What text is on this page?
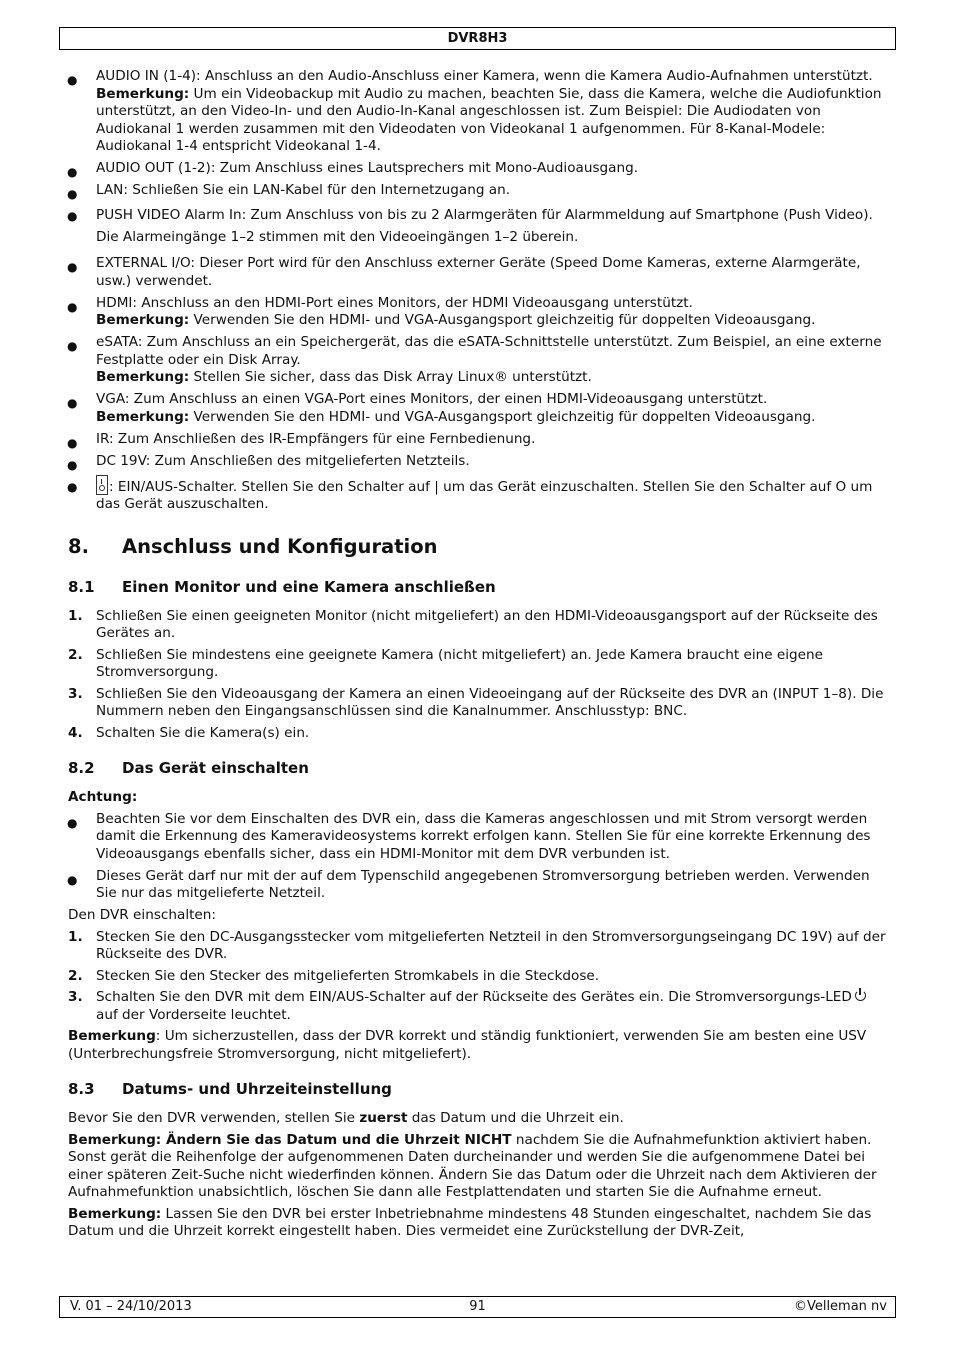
DVR8H3
● AUDIO IN (1-4): Anschluss an den Audio-Anschluss einer Kamera, wenn die Kamera Audio-Aufnahmen unterstützt.
Bemerkung: Um ein Videobackup mit Audio zu machen, beachten Sie, dass die Kamera, welche die Audiofunktion unterstützt, an den Video-In- und den Audio-In-Kanal angeschlossen ist. Zum Beispiel: Die Audiodaten von Audiokanal 1 werden zusammen mit den Videodaten von Videokanal 1 aufgenommen. Für 8-Kanal-Modele: Audiokanal 1-4 entspricht Videokanal 1-4.
● AUDIO OUT (1-2): Zum Anschluss eines Lautsprechers mit Mono-Audioausgang.
● LAN: Schließen Sie ein LAN-Kabel für den Internetzugang an.
● PUSH VIDEO Alarm In: Zum Anschluss von bis zu 2 Alarmgeräten für Alarmmeldung auf Smartphone (Push Video). Die Alarmeingänge 1–2 stimmen mit den Videoeingängen 1–2 überein.
● EXTERNAL I/O: Dieser Port wird für den Anschluss externer Geräte (Speed Dome Kameras, externe Alarmgeräte, usw.) verwendet.
● HDMI: Anschluss an den HDMI-Port eines Monitors, der HDMI Videoausgang unterstützt.
Bemerkung: Verwenden Sie den HDMI- und VGA-Ausgangsport gleichzeitig für doppelten Videoausgang.
● eSATA: Zum Anschluss an ein Speichergerät, das die eSATA-Schnittstelle unterstützt. Zum Beispiel, an eine externe Festplatte oder ein Disk Array.
Bemerkung: Stellen Sie sicher, dass das Disk Array Linux® unterstützt.
● VGA: Zum Anschluss an einen VGA-Port eines Monitors, der einen HDMI-Videoausgang unterstützt.
Bemerkung: Verwenden Sie den HDMI- und VGA-Ausgangsport gleichzeitig für doppelten Videoausgang.
● IR: Zum Anschließen des IR-Empfängers für eine Fernbedienung.
● DC 19V: Zum Anschließen des mitgelieferten Netzteils.
● : EIN/AUS-Schalter. Stellen Sie den Schalter auf | um das Gerät einzuschalten. Stellen Sie den Schalter auf O um das Gerät auszuschalten.
8. Anschluss und Konfiguration
8.1 Einen Monitor und eine Kamera anschließen
1. Schließen Sie einen geeigneten Monitor (nicht mitgeliefert) an den HDMI-Videoausgangsport auf der Rückseite des Gerätes an.
2. Schließen Sie mindestens eine geeignete Kamera (nicht mitgeliefert) an. Jede Kamera braucht eine eigene Stromversorgung.
3. Schließen Sie den Videoausgang der Kamera an einen Videoeingang auf der Rückseite des DVR an (INPUT 1–8). Die Nummern neben den Eingangsanschlüssen sind die Kanalnummer. Anschlusstyp: BNC.
4. Schalten Sie die Kamera(s) ein.
8.2 Das Gerät einschalten
Achtung:
● Beachten Sie vor dem Einschalten des DVR ein, dass die Kameras angeschlossen und mit Strom versorgt werden damit die Erkennung des Kameravideosystems korrekt erfolgen kann. Stellen Sie für eine korrekte Erkennung des Videoausgangs ebenfalls sicher, dass ein HDMI-Monitor mit dem DVR verbunden ist.
● Dieses Gerät darf nur mit der auf dem Typenschild angegebenen Stromversorgung betrieben werden. Verwenden Sie nur das mitgelieferte Netzteil.
Den DVR einschalten:
1. Stecken Sie den DC-Ausgangsstecker vom mitgelieferten Netzteil in den Stromversorgungseingang DC 19V) auf der Rückseite des DVR.
2. Stecken Sie den Stecker des mitgelieferten Stromkabels in die Steckdose.
3. Schalten Sie den DVR mit dem EIN/AUS-Schalter auf der Rückseite des Gerätes ein. Die Stromversorgungs-LEDauf der Vorderseite leuchtet.
Bemerkung: Um sicherzustellen, dass der DVR korrekt und ständig funktioniert, verwenden Sie am besten eine USV (Unterbrechungsfreie Stromversorgung, nicht mitgeliefert).
8.3 Datums- und Uhrzeiteinstellung
Bevor Sie den DVR verwenden, stellen Sie zuerst das Datum und die Uhrzeit ein.
Bemerkung: Ändern Sie das Datum und die Uhrzeit NICHT nachdem Sie die Aufnahmefunktion aktiviert haben. Sonst gerät die Reihenfolge der aufgenommenen Daten durcheinander und werden Sie die aufgenommene Datei bei einer späteren Zeit-Suche nicht wiederfinden können. Ändern Sie das Datum oder die Uhrzeit nach dem Aktivieren der Aufnahmefunktion unabsichtlich, löschen Sie dann alle Festplattendaten und starten Sie die Aufnahme erneut.
Bemerkung: Lassen Sie den DVR bei erster Inbetriebnahme mindestens 48 Stunden eingeschaltet, nachdem Sie das Datum und die Uhrzeit korrekt eingestellt haben. Dies vermeidet eine Zurückstellung der DVR-Zeit,
91
V. 01 – 24/10/2013	©Velleman nv
